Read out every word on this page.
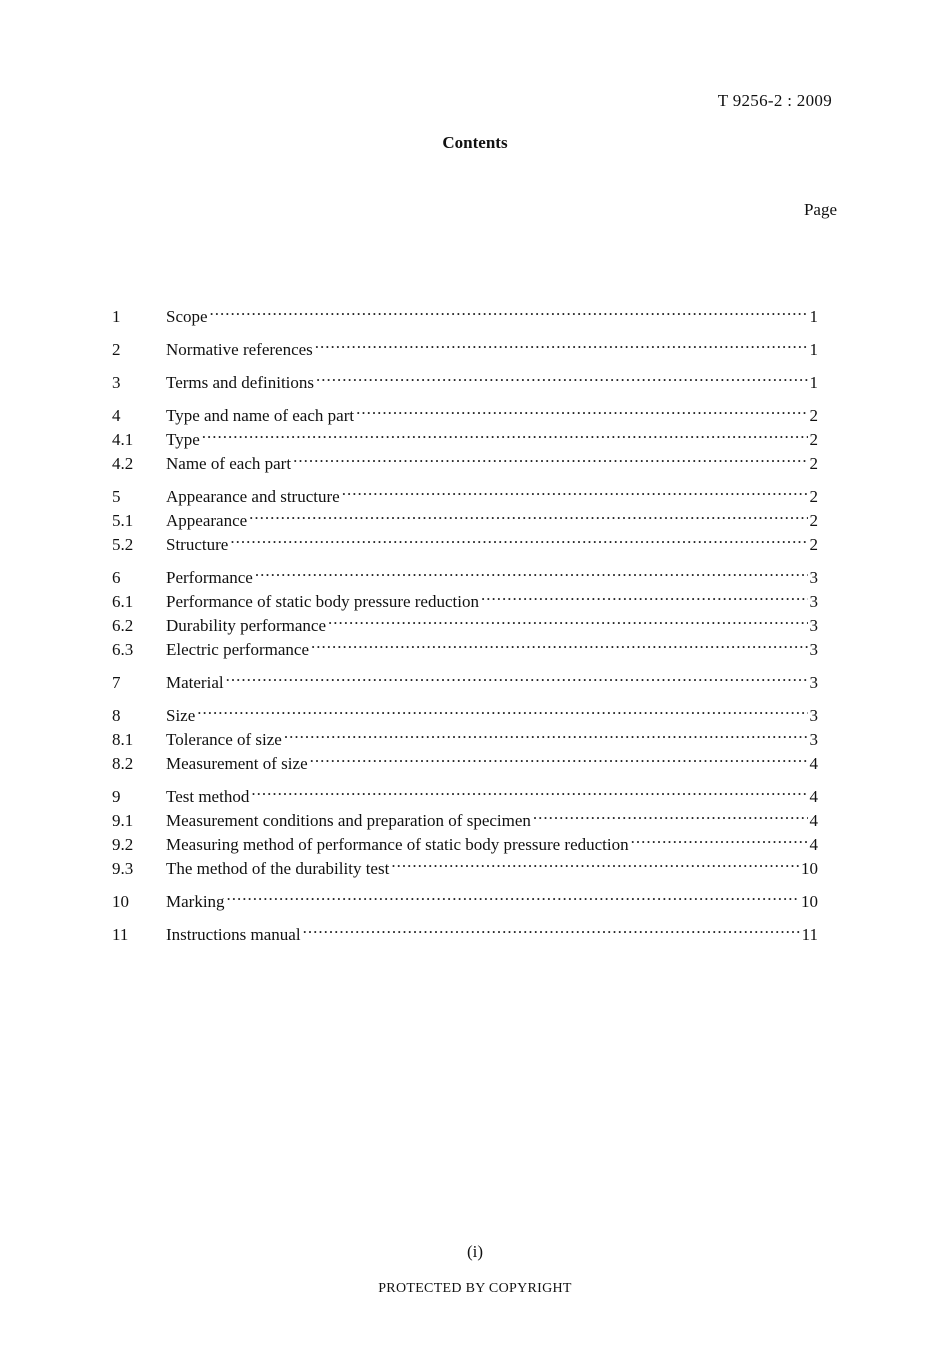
T 9256-2 : 2009
Contents
Page
1	Scope .....	1
2	Normative references .....	1
3	Terms and definitions .....	1
4	Type and name of each part .....	2
4.1	Type .....	2
4.2	Name of each part .....	2
5	Appearance and structure .....	2
5.1	Appearance .....	2
5.2	Structure .....	2
6	Performance .....	3
6.1	Performance of static body pressure reduction .....	3
6.2	Durability performance .....	3
6.3	Electric performance .....	3
7	Material .....	3
8	Size .....	3
8.1	Tolerance of size .....	3
8.2	Measurement of size .....	4
9	Test method .....	4
9.1	Measurement conditions and preparation of specimen .....	4
9.2	Measuring method of performance of static body pressure reduction .....	4
9.3	The method of the durability test .....	10
10	Marking .....	10
11	Instructions manual .....	11
(i)
PROTECTED BY COPYRIGHT
